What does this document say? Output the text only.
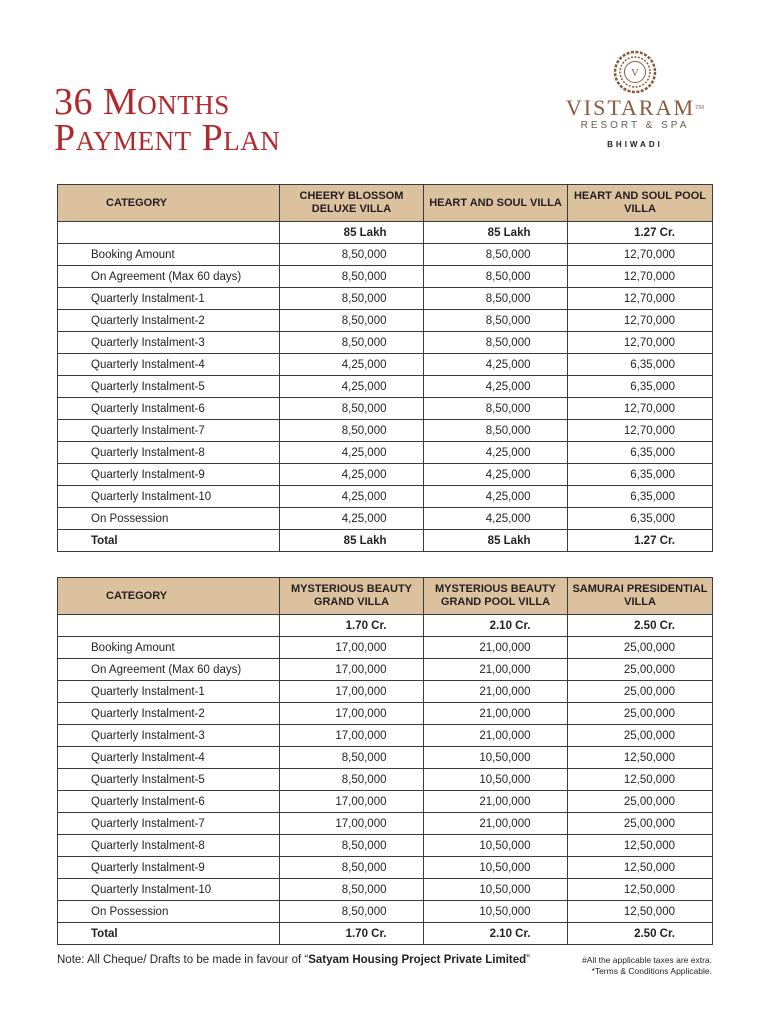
36 Months
Payment Plan
V
VISTARAM™
RESORT & SPA
BHIWADI
CATEGORY	CHEERY BLOSSOM DELUXE VILLA	HEART AND SOUL VILLA	HEART AND SOUL POOL VILLA
	85 Lakh	85 Lakh	1.27 Cr.
Booking Amount	8,50,000	8,50,000	12,70,000
On Agreement (Max 60 days)	8,50,000	8,50,000	12,70,000
Quarterly Instalment-1	8,50,000	8,50,000	12,70,000
Quarterly Instalment-2	8,50,000	8,50,000	12,70,000
Quarterly Instalment-3	8,50,000	8,50,000	12,70,000
Quarterly Instalment-4	4,25,000	4,25,000	6,35,000
Quarterly Instalment-5	4,25,000	4,25,000	6,35,000
Quarterly Instalment-6	8,50,000	8,50,000	12,70,000
Quarterly Instalment-7	8,50,000	8,50,000	12,70,000
Quarterly Instalment-8	4,25,000	4,25,000	6,35,000
Quarterly Instalment-9	4,25,000	4,25,000	6,35,000
Quarterly Instalment-10	4,25,000	4,25,000	6,35,000
On Possession	4,25,000	4,25,000	6,35,000
Total	85 Lakh	85 Lakh	1.27 Cr.
CATEGORY	MYSTERIOUS BEAUTY GRAND VILLA	MYSTERIOUS BEAUTY GRAND POOL VILLA	SAMURAI PRESIDENTIAL VILLA
	1.70 Cr.	2.10 Cr.	2.50 Cr.
Booking Amount	17,00,000	21,00,000	25,00,000
On Agreement (Max 60 days)	17,00,000	21,00,000	25,00,000
Quarterly Instalment-1	17,00,000	21,00,000	25,00,000
Quarterly Instalment-2	17,00,000	21,00,000	25,00,000
Quarterly Instalment-3	17,00,000	21,00,000	25,00,000
Quarterly Instalment-4	8,50,000	10,50,000	12,50,000
Quarterly Instalment-5	8,50,000	10,50,000	12,50,000
Quarterly Instalment-6	17,00,000	21,00,000	25,00,000
Quarterly Instalment-7	17,00,000	21,00,000	25,00,000
Quarterly Instalment-8	8,50,000	10,50,000	12,50,000
Quarterly Instalment-9	8,50,000	10,50,000	12,50,000
Quarterly Instalment-10	8,50,000	10,50,000	12,50,000
On Possession	8,50,000	10,50,000	12,50,000
Total	1.70 Cr.	2.10 Cr.	2.50 Cr.
Note: All Cheque/ Drafts to be made in favour of “Satyam Housing Project Private Limited”	#All the applicable taxes are extra.
*Terms & Conditions Applicable.
